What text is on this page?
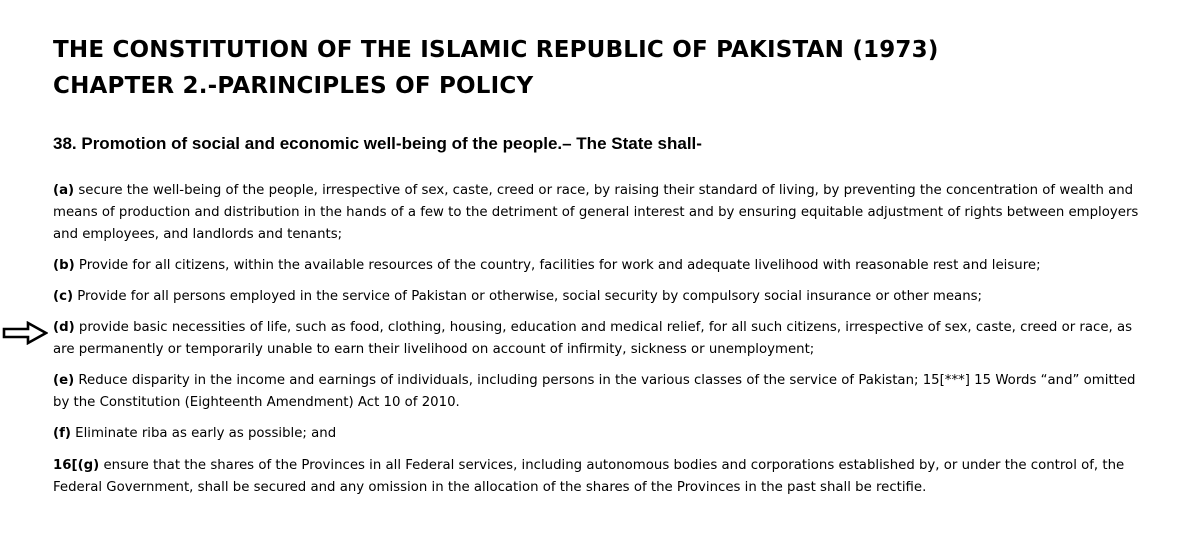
THE CONSTITUTION OF THE ISLAMIC REPUBLIC OF PAKISTAN (1973)
CHAPTER 2.-PARINCIPLES OF POLICY
38. Promotion of social and economic well-being of the people.– The State shall-

(a) secure the well-being of the people, irrespective of sex, caste, creed or race, by raising their standard of living, by preventing the concentration of wealth and means of production and distribution in the hands of a few to the detriment of general interest and by ensuring equitable adjustment of rights between employers and employees, and landlords and tenants;

(b) Provide for all citizens, within the available resources of the country, facilities for work and adequate livelihood with reasonable rest and leisure;

(c) Provide for all persons employed in the service of Pakistan or otherwise, social security by compulsory social insurance or other means;

(d) provide basic necessities of life, such as food, clothing, housing, education and medical relief, for all such citizens, irrespective of sex, caste, creed or race, as are permanently or temporarily unable to earn their livelihood on account of infirmity, sickness or unemployment;

(e) Reduce disparity in the income and earnings of individuals, including persons in the various classes of the service of Pakistan; 15[***] 15 Words “and” omitted by the Constitution (Eighteenth Amendment) Act 10 of 2010.

(f) Eliminate riba as early as possible; and

16[(g) ensure that the shares of the Provinces in all Federal services, including autonomous bodies and corporations established by, or under the control of, the Federal Government, shall be secured and any omission in the allocation of the shares of the Provinces in the past shall be rectifie.
